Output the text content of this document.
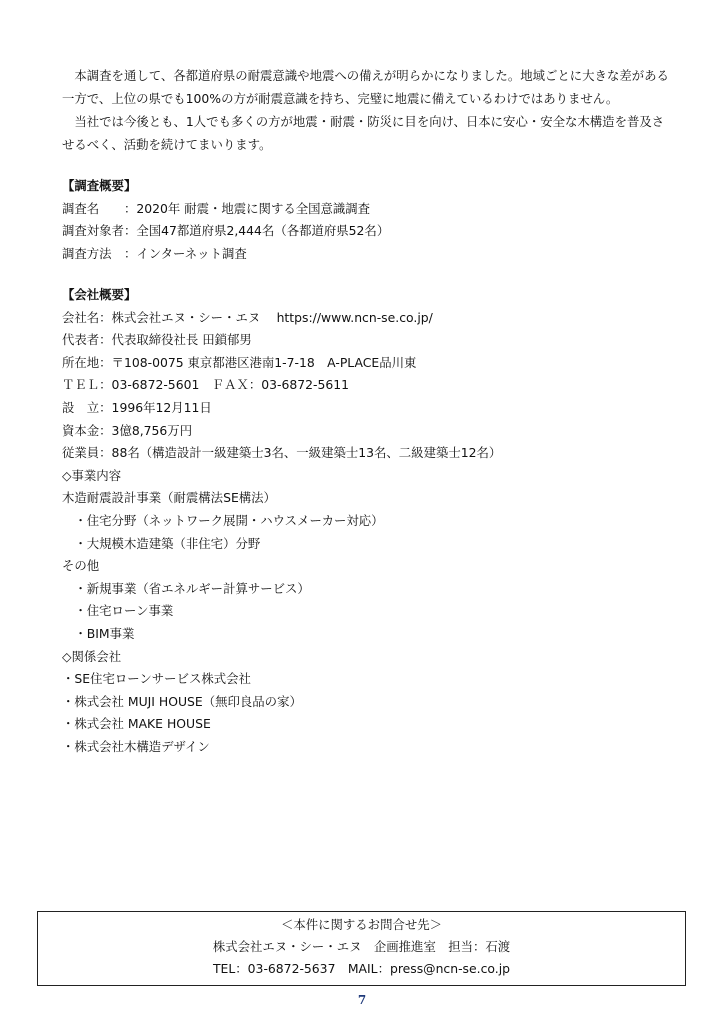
本調査を通して、各都道府県の耐震意識や地震への備えが明らかになりました。地域ごとに大きな差がある一方で、上位の県でも100%の方が耐震意識を持ち、完璧に地震に備えているわけではありません。

当社では今後とも、1人でも多くの方が地震・耐震・防災に目を向け、日本に安心・安全な木構造を普及させるべく、活動を続けてまいります。

【調査概要】
調査名　　：2020年 耐震・地震に関する全国意識調査
調査対象者：全国47都道府県2,444名（各都道府県52名）
調査方法　：インターネット調査
【会社概要】
会社名：株式会社エヌ・シー・エヌ　 https://www.ncn-se.co.jp/
代表者：代表取締役社長 田鎖郁男
所在地：〒108-0075 東京都港区港南1-7-18　A-PLACE品川東
ＴＥＬ：03-6872-5601　ＦＡＸ：03-6872-5611
設　立：1996年12月11日
資本金：3億8,756万円
従業員：88名（構造設計一級建築士3名、一級建築士13名、二級建築士12名）
◇事業内容
木造耐震設計事業（耐震構法SE構法）
　・住宅分野（ネットワーク展開・ハウスメーカー対応）
　・大規模木造建築（非住宅）分野
その他
　・新規事業（省エネルギー計算サービス）
　・住宅ローン事業
　・BIM事業
◇関係会社
・SE住宅ローンサービス株式会社
・株式会社 MUJI HOUSE（無印良品の家）
・株式会社 MAKE HOUSE
・株式会社木構造デザイン
＜本件に関するお問合せ先＞
株式会社エヌ・シー・エヌ　企画推進室　担当：石渡
TEL：03-6872-5637　MAIL：press@ncn-se.co.jp
7
